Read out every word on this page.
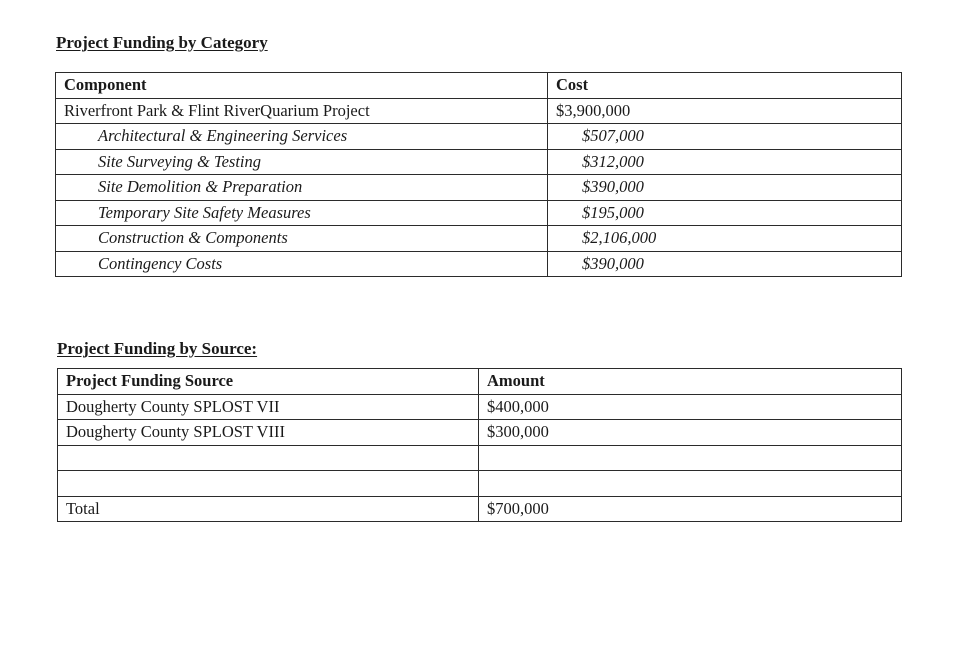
Project Funding by Category
Component	Cost
Riverfront Park & Flint RiverQuarium Project	$3,900,000
Architectural & Engineering Services	$507,000
Site Surveying & Testing	$312,000
Site Demolition & Preparation	$390,000
Temporary Site Safety Measures	$195,000
Construction & Components	$2,106,000
Contingency Costs	$390,000
Project Funding by Source:
Project Funding Source	Amount
Dougherty County SPLOST VII	$400,000
Dougherty County SPLOST VIII	$300,000

Total	$700,000
